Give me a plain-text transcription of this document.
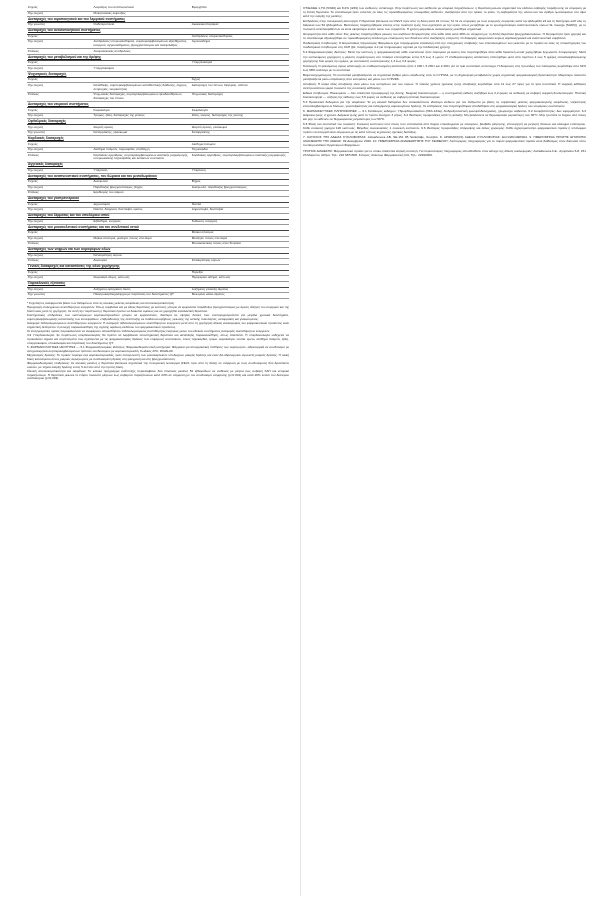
Συχνές	Λοιμώξεις του αναπνευστικού	Βρογχίτιδα
Όχι συχνές	Μυκητιασικές λοιμώξεις	
Διαταραχές του αιμοποιητικού και του λεμφικού συστήματος		
Όχι γνωστές	Ουδετεροπενία	Ακοκκιοκυτταραιμία
Διαταραχές του ανοσοποιητικού συστήματος		
Συχνές		Αντιδράσεις υπερευαισθησίας
Όχι συχνές	Αντιδράσεις υπερευαισθησίας, συμπεριλαμβανομένων εξανθήματος, κνησμού, αγγειοοιδήματος, βρογχόσπασμου και αναφυλαξίας	Αγγειοοίδημα
Σπάνιες	Αναφυλακτικές αντιδράσεις	
Διαταραχές του μεταβολισμού και της θρέψης		
Συχνές		Υπεργλυκαιμία
Όχι συχνές	Υπεργλυκαιμία	
Ψυχιατρικές διαταραχές		
Συχνές		Άγχος
Όχι συχνές	Κατάθλιψη, συμπεριλαμβανομένων καταθλιπτικής διάθεσης, άγχους, ανησυχίας, νευρικότητας	Διαταραχές του ύπνου, διέγερση, αϋπνία
Σπάνιες	Ψυχωσικές διαταραχές, συμπεριλαμβανομένων ψευδαισθήσεων, διαταραχές του ύπνου	Ψυχωσικές διαταραχές
Διαταραχές του νευρικού συστήματος		
Συχνές	Κεφαλαλγία	Κεφαλαλγία
Όχι συχνές	Τρόμος, ζάλη, διαταραχές της γεύσης	Ζάλη, τρόμος, διαταραχές της γεύσης
Οφθαλμικές διαταραχές		
Όχι συχνές	Θαμπή όραση	Θαμπή όραση, γλαύκωμα
Όχι γνωστές	Καταρράκτης, γλαύκωμα	Καταρράκτης
Καρδιακές διαταραχές		
Συχνές		Αίσθημα παλμών
Όχι συχνές	Αίσθημα παλμών, ταχυκαρδία, στηθάγχη	Ταχυκαρδία
Σπάνιες	Καρδιακές αρρυθμίες, συμπεριλαμβανομένων κολπικής μαρμαρυγής, υπερκοιλιακής ταχυκαρδίας και έκτακτων συστολών	Καρδιακές αρρυθμίες, συμπεριλαμβανομένων κολπικής μαρμαρυγής
Αγγειακές διαταραχές		
Όχι συχνές	Υπέρταση	Υπέρταση
Διαταραχές του αναπνευστικού συστήματος, του θώρακα και του μεσοθωράκιου		
Συχνές	Δυσφωνία	Βήχας
Όχι συχνές	Παράδοξος βρογχόσπασμος, βήχας	Δυσφωνία, παράδοξος βρογχόσπασμος
Σπάνιες	Ερεθισμός του λαιμού	
Διαταραχές του γαστρεντερικού		
Συχνές	Ξηροστομία	Ναυτία
Όχι συχνές	Ναυτία, διάρροια, δυσπεψία, έμετος	Ξηροστομία, δυσπεψία
Διαταραχές του δέρματος και του υποδόριου ιστού		
Όχι συχνές	Εξάνθημα, κνησμός	Κνίδωση, κνησμός
Διαταραχές του μυοσκελετικού συστήματος και του συνδετικού ιστού		
Συχνές		Μυϊκοί σπασμοί
Όχι συχνές	Μυϊκοί σπασμοί, μυαλγία, πόνος στα άκρα	Μυαλγία, πόνος στα άκρα
Σπάνιες		Μυοσκελετικός πόνος στον θώρακα
Διαταραχές των νεφρών και των ουροφόρων οδών		
Όχι συχνές	Κατακράτηση ούρων	
Σπάνιες	Δυσουρία	Κατακράτηση ούρων
Γενικές διαταραχές και καταστάσεις της οδού χορήγησης		
Συχνές		Πυρεξία
Όχι συχνές	Θωρακικό άλγος, κόπωση	Περιφερικό οίδημα, κόπωση
Παρακλινικές εξετάσεις		
Όχι συχνές	Αυξημένη αρτηριακή πίεση	Αυξημένη γλυκόζη αίματος
Όχι γνωστές	Ηλεκτροκαρδιογράφημα με παράταση του διαστήματος QT	Μειωμένο κάλιο αίματος

* Συχνότητες αναφέρονται βάσει των δεδομένων από τις κλινικές μελέτες ασφάλειας και αποτελεσματικότητας.

Περιγραφή επιλεγμένων ανεπιθύμητων ενεργειών: Όπως συμβαίνει και με άλλες θεραπείες με εισπνοή, μπορεί να εμφανιστεί παράδοξος βρογχόσπασμος με άμεση αύξηση του συριγμού και της δύσπνοιας μετά τη χορήγηση. Σε αυτή την περίπτωση η θεραπεία πρέπει να διακοπεί αμέσως και να χορηγηθεί εναλλακτική θεραπεία.

Συστηματικές επιδράσεις των εισπνεόμενων κορτικοστεροειδών μπορεί να εμφανιστούν, ιδιαίτερα σε υψηλές δόσεις που συνταγογραφούνται για μεγάλα χρονικά διαστήματα, συμπεριλαμβανομένης καταστολής των επινεφριδίων, επιβράδυνσης της ανάπτυξης σε παιδιά και εφήβους, μείωσης της οστικής πυκνότητας, καταρράκτη και γλαυκώματος.

Αναφορά πιθανολογούμενων ανεπιθύμητων ενεργειών: Η αναφορά πιθανολογούμενων ανεπιθύμητων ενεργειών μετά από τη χορήγηση άδειας κυκλοφορίας του φαρμακευτικού προϊόντος είναι σημαντική. Επιτρέπει τη συνεχή παρακολούθηση της σχέσης οφέλους-κινδύνου του φαρμακευτικού προϊόντος.

Οι επαγγελματίες υγείας παρακαλούνται να αναφέρουν οποιεσδήποτε πιθανολογούμενες ανεπιθύμητες ενέργειες μέσω του εθνικού συστήματος αναφοράς ανεπιθύμητων ενεργειών.

4.9 Υπερδοσολογία: Σε περίπτωση υπερδοσολογίας θα πρέπει να λαμβάνεται υποστηρικτική θεραπεία και κατάλληλη παρακολούθηση, όπως απαιτείται. Η υπερδοσολογία ενδέχεται να προκαλέσει σημεία και συμπτώματα που σχετίζονται με τις φαρμακολογικές δράσεις των επιμέρους συστατικών, όπως ταχυκαρδία, τρόμο, κεφαλαλγία, ναυτία, έμετο, αίσθημα παλμών, ζάλη, υπεργλυκαιμία, υποκαλιαιμία και παράταση του διαστήματος QT.

5. ΦΑΡΜΑΚΟΛΟΓΙΚΕΣ ΙΔΙΟΤΗΤΕΣ — 5.1 Φαρμακοδυναμικές ιδιότητες: Φαρμακοθεραπευτική κατηγορία: Φάρμακα για αποφρακτικές παθήσεις των αεραγωγών, αδρενεργικά σε συνδυασμό με αντιχολινεργικά συμπεριλαμβανομένων τριπλών συνδυασμών με κορτικοστεροειδή. Κωδικός ATC: R03AL09.

Μηχανισμός δράσης: Το προϊόν περιέχει ένα κορτικοστεροειδές, έναν ανταγωνιστή των μουσκαρινικών υποδοχέων μακράς δράσης και έναν β2-αδρενεργικό αγωνιστή μακράς δράσης. Η ολική δόση κατανέμεται στους μικρούς αεραγωγούς με συνδυασμένη δράση στη φλεγμονή και στη βρογχοσύσπαση.

Φαρμακοδυναμικές επιδράσεις: Σε κλινικές μελέτες η θεραπεία βελτίωσε σημαντικά την πνευμονική λειτουργία (FEV1 πριν από τη δόση) σε σύγκριση με τους συνδυασμούς δύο δραστικών ουσιών, με ταχεία έναρξη δράσης εντός 5 λεπτών από την πρώτη δόση.

Κλινική αποτελεσματικότητα και ασφάλεια: Το κλινικό πρόγραμμα ανάπτυξης περιελάμβανε δύο πιλοτικές μελέτες 52 εβδομάδων σε ασθενείς με μέτρια έως σοβαρή ΧΑΠ και ιστορικό παροξύνσεων. Η θεραπεία μείωσε το ετήσιο ποσοστό μέτριων έως σοβαρών παροξύνσεων κατά 23% σε σύγκριση με τον συνδυασμό σύγκρισης (p<0,001) και κατά 20% έναντι του δεύτερου συνδυασμού (p=0,003).

ΟΤ/ΕΑ/ΕΕ 1,7% (5/340) και 8,2% (4/49) των ασθενών, αντίστοιχα. Στην περίπτωση των ασθενών με ιστορικό παροξύνσεων, η θεραπεία μείωσε σημαντικά τον κίνδυνο σοβαρής παρόξυνσης σε σύγκριση με τη διπλή θεραπεία. Το αποτέλεσμα ήταν συνεπές σε όλες τις προκαθορισμένες υποομάδες ασθενών, ανεξάρτητα από την ηλικία, το φύλο, τη σοβαρότητα της νόσου και τον αριθμό ηωσινόφιλων στο αίμα κατά την έναρξη της μελέτης.

Επιδράσεις στην πνευμονική λειτουργία: Η θεραπεία βελτίωσε τον FEV1 πριν από τη δόση κατά 22 ml έως 72 ml σε σύγκριση με τους ενεργούς συγκριτές κατά την εβδομάδα 24 και τη διατήρησε καθ' όλη τη διάρκεια των 52 εβδομάδων. Βελτιώσεις παρατηρήθηκαν επίσης στην ποιότητα ζωής που σχετίζεται με την υγεία, όπως μετρήθηκε με το ερωτηματολόγιο αναπνευστικών νόσων St. George (SGRQ), με το ποσοστό ανταποκριθέντων να είναι υψηλότερο έναντι όλων των συγκριτών. Η χρήση φαρμάκων ανακούφισης μειώθηκε σημαντικά.

Θνησιμότητα από κάθε αιτία: Στις μελέτες παρατηρήθηκε μείωση του κινδύνου θνησιμότητας από κάθε αιτία κατά 46% σε σύγκριση με τη διπλή θεραπεία βρογχοδιαστολέων. Η θνησιμότητα ήταν χαμηλή και το αποτέλεσμα αξιολογήθηκε σε προκαθορισμένη ανάλυση με επικύρωση των θανάτων από ανεξάρτητη επιτροπή. Οι διαφορές αφορούσαν κυρίως καρδιοαγγειακά και αναπνευστικά συμβάντα.

Παιδιατρικός πληθυσμός: Ο Ευρωπαϊκός Οργανισμός Φαρμάκων έχει παραχωρήσει απαλλαγή από την υποχρέωση υποβολής των αποτελεσμάτων των μελετών με το προϊόν σε όλες τις υποκατηγορίες του παιδιατρικού πληθυσμού στη ΧΑΠ (βλ. παράγραφο 4.2 για πληροφορίες σχετικά με την παιδιατρική χρήση).

5.2 Φαρμακοκινητικές ιδιότητες: Μετά την εισπνοή, η φαρμακοκινητική κάθε συστατικού ήταν παρόμοια με εκείνη που παρατηρήθηκε όταν κάθε δραστική ουσία χορηγήθηκε ξεχωριστά. Απορρόφηση: Μετά την εισπνεόμενη χορήγηση η μέγιστη συγκέντρωση στο πλάσμα επιτεύχθηκε εντός 0,5 έως 3 ωρών. Η σταθεροποιημένη κατάσταση επιτεύχθηκε μετά από περίπου 1 έως 5 ημέρες επαναλαμβανόμενης χορήγησης δύο φορές την ημέρα, με συντελεστή συσσώρευσης 1,3 έως 3,6 φορές.

Κατανομή: Ο φαινόμενος όγκος κατανομής σε σταθεροποιημένη κατάσταση ήταν 1 200 l, 5 200 l και 2 400 l για τα τρία συστατικά, αντίστοιχα. Η δέσμευση στις πρωτεΐνες του πλάσματος κυμάνθηκε από 34% έως 98% ανάλογα με το συστατικό.

Βιομετασχηματισμός: Τα συστατικά μεταβολίζονται σε σημαντικό βαθμό μέσω οξείδωσης από το CYP3A4, με τη δημιουργία μεταβολιτών χωρίς σημαντική φαρμακολογική δραστικότητα. Μικρότερο ποσοστό μεταβολίζεται μέσω υδρόλυσης από εστεράσες και μέσω του CYP2D6.

Αποβολή: Η κύρια οδός αποβολής είναι μέσω των κοπράνων και των ούρων. Ο τελικός χρόνος ημίσειας ζωής αποβολής κυμάνθηκε από 11 έως 27 ώρες για τα τρία συστατικά. Η νεφρική κάθαρση αντιπροσώπευε μικρό ποσοστό της συνολικής κάθαρσης.

Ειδικοί πληθυσμοί: Ηλικιωμένοι — δεν απαιτείται προσαρμογή της δόσης. Νεφρική δυσλειτουργία — η συστηματική έκθεση αυξήθηκε έως 2,2 φορές σε ασθενείς με σοβαρή νεφρική δυσλειτουργία. Ηπατική δυσλειτουργία — αύξηση της έκθεσης έως 3,5 φορές σε ασθενείς με σοβαρή ηπατική δυσλειτουργία.

5.3 Προκλινικά δεδομένα για την ασφάλεια: Τα μη κλινικά δεδομένα δεν αποκαλύπτουν ιδιαίτερο κίνδυνο για τον άνθρωπο με βάση τις συμβατικές μελέτες φαρμακολογικής ασφάλειας, τοξικότητας επαναλαμβανόμενων δόσεων, γονοτοξικότητας και ενδεχόμενης καρκινογόνου δράσης. Οι επιδράσεις που παρατηρήθηκαν αποδόθηκαν στη φαρμακολογική δράση των επιμέρους συστατικών.

6. ΦΑΡΜΑΚΕΥΤΙΚΕΣ ΠΛΗΡΟΦΟΡΙΕΣ — 6.1 Κατάλογος εκδόχων: Υδροφθοροαλκάνιο (HFA-134a), διυδροξυστεατική φωσφατιδυλοχολίνη, χλωριούχο ασβέστιο. 6.2 Ασυμβατότητες: Δεν εφαρμόζεται. 6.3 Διάρκεια ζωής: 2 χρόνια. Διάρκεια ζωής μετά το πρώτο άνοιγμα: 3 μήνες. 6.4 Ιδιαίτερες προφυλάξεις κατά τη φύλαξη: Μη φυλάσσετε σε θερμοκρασία μεγαλύτερη των 30°C. Μην τρυπάτε το δοχείο υπό πίεση και μην το εκθέτετε σε θερμοκρασίες μεγαλύτερες των 50°C.

6.5 Φύση και συστατικά του περιέκτη: Συσκευή εισπνοών υπό πίεση που αποτελείται από δοχείο επικαλυμμένο με αλουμίνιο, βαλβίδα μέτρησης, επενεργητή με μετρητή δόσεων και κάλυμμα επιστομίου. Κάθε συσκευή χορηγεί 120 εισπνοές. Μέγεθος συσκευασίας: 1 συσκευή εισπνοών. 6.6 Ιδιαίτερες προφυλάξεις απόρριψης και άλλος χειρισμός: Κάθε αχρησιμοποίητο φαρμακευτικό προϊόν ή υπόλειμμα πρέπει να απορρίπτεται σύμφωνα με τις κατά τόπους ισχύουσες σχετικές διατάξεις.

7. ΚΑΤΟΧΟΣ ΤΗΣ ΑΔΕΙΑΣ ΚΥΚΛΟΦΟΡΙΑΣ: AstraZeneca AB, SE-151 85 Södertälje, Σουηδία. 8. ΑΡΙΘΜΟΣ(ΟΙ) ΑΔΕΙΑΣ ΚΥΚΛΟΦΟΡΙΑΣ: EU/1/20/1498/001. 9. ΗΜΕΡΟΜΗΝΙΑ ΠΡΩΤΗΣ ΕΓΚΡΙΣΗΣ/ΑΝΑΝΕΩΣΗΣ ΤΗΣ ΑΔΕΙΑΣ: 09 Δεκεμβρίου 2020. 10. ΗΜΕΡΟΜΗΝΙΑ ΑΝΑΘΕΩΡΗΣΗΣ ΤΟΥ ΚΕΙΜΕΝΟΥ: Λεπτομερείς πληροφορίες για το παρόν φαρμακευτικό προϊόν είναι διαθέσιμες στον δικτυακό τόπο του Ευρωπαϊκού Οργανισμού Φαρμάκων.

ΤΡΟΠΟΣ ΔΙΑΘΕΣΗΣ: Φαρμακευτικό προϊόν για το οποίο απαιτείται ιατρική συνταγή. Για περισσότερες πληροφορίες απευθυνθείτε στον κάτοχο της άδειας κυκλοφορίας: AstraZeneca A.E., Αγησιλάου 6-8, 151 23 Μαρούσι, Αθήνα. Τηλ.: 210 6871500. Κύπρος: Αλέκτωρ Φαρμακευτική Λτδ, Τηλ.: 22490305.
